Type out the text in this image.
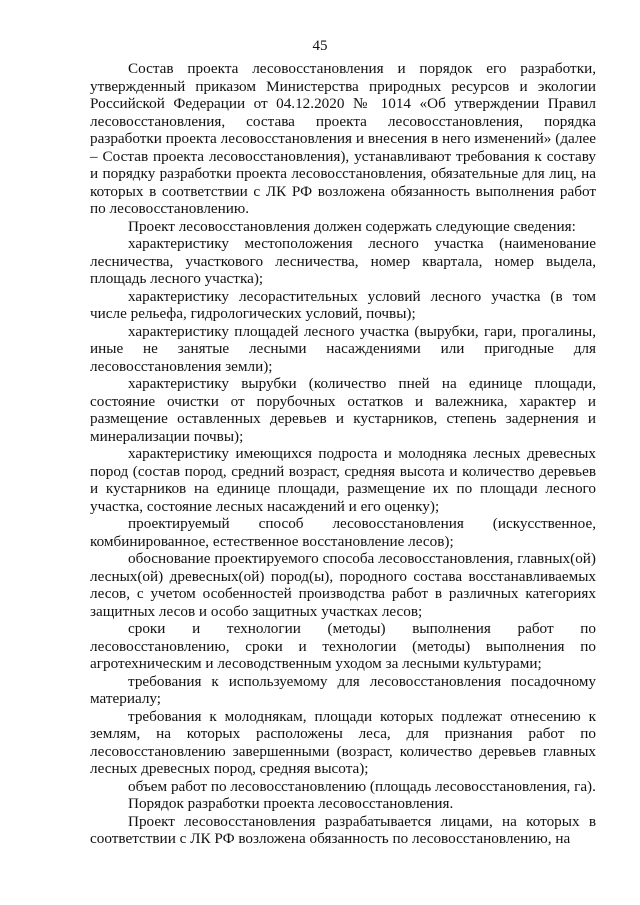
45

Состав проекта лесовосстановления и порядок его разработки, утвержденный приказом Министерства природных ресурсов и экологии Российской Федерации от 04.12.2020 № 1014 «Об утверждении Правил лесовосстановления, состава проекта лесовосстановления, порядка разработки проекта лесовосстановления и внесения в него изменений» (далее – Состав проекта лесовосстановления), устанавливают требования к составу и порядку разработки проекта лесовосстановления, обязательные для лиц, на которых в соответствии с ЛК РФ возложена обязанность выполнения работ по лесовосстановлению.

Проект лесовосстановления должен содержать следующие сведения:

характеристику местоположения лесного участка (наименование лесничества, участкового лесничества, номер квартала, номер выдела, площадь лесного участка);

характеристику лесорастительных условий лесного участка (в том числе рельефа, гидрологических условий, почвы);

характеристику площадей лесного участка (вырубки, гари, прогалины, иные не занятые лесными насаждениями или пригодные для лесовосстановления земли);

характеристику вырубки (количество пней на единице площади, состояние очистки от порубочных остатков и валежника, характер и размещение оставленных деревьев и кустарников, степень задернения и минерализации почвы);

характеристику имеющихся подроста и молодняка лесных древесных пород (состав пород, средний возраст, средняя высота и количество деревьев и кустарников на единице площади, размещение их по площади лесного участка, состояние лесных насаждений и его оценку);

проектируемый способ лесовосстановления (искусственное, комбинированное, естественное восстановление лесов);

обоснование проектируемого способа лесовосстановления, главных(ой) лесных(ой) древесных(ой) пород(ы), породного состава восстанавливаемых лесов, с учетом особенностей производства работ в различных категориях защитных лесов и особо защитных участках лесов;

сроки и технологии (методы) выполнения работ по лесовосстановлению, сроки и технологии (методы) выполнения по агротехническим и лесоводственным уходом за лесными культурами;

требования к используемому для лесовосстановления посадочному материалу;

требования к молоднякам, площади которых подлежат отнесению к землям, на которых расположены леса, для признания работ по лесовосстановлению завершенными (возраст, количество деревьев главных лесных древесных пород, средняя высота);

объем работ по лесовосстановлению (площадь лесовосстановления, га).

Порядок разработки проекта лесовосстановления.

Проект лесовосстановления разрабатывается лицами, на которых в соответствии с ЛК РФ возложена обязанность по лесовосстановлению, на
